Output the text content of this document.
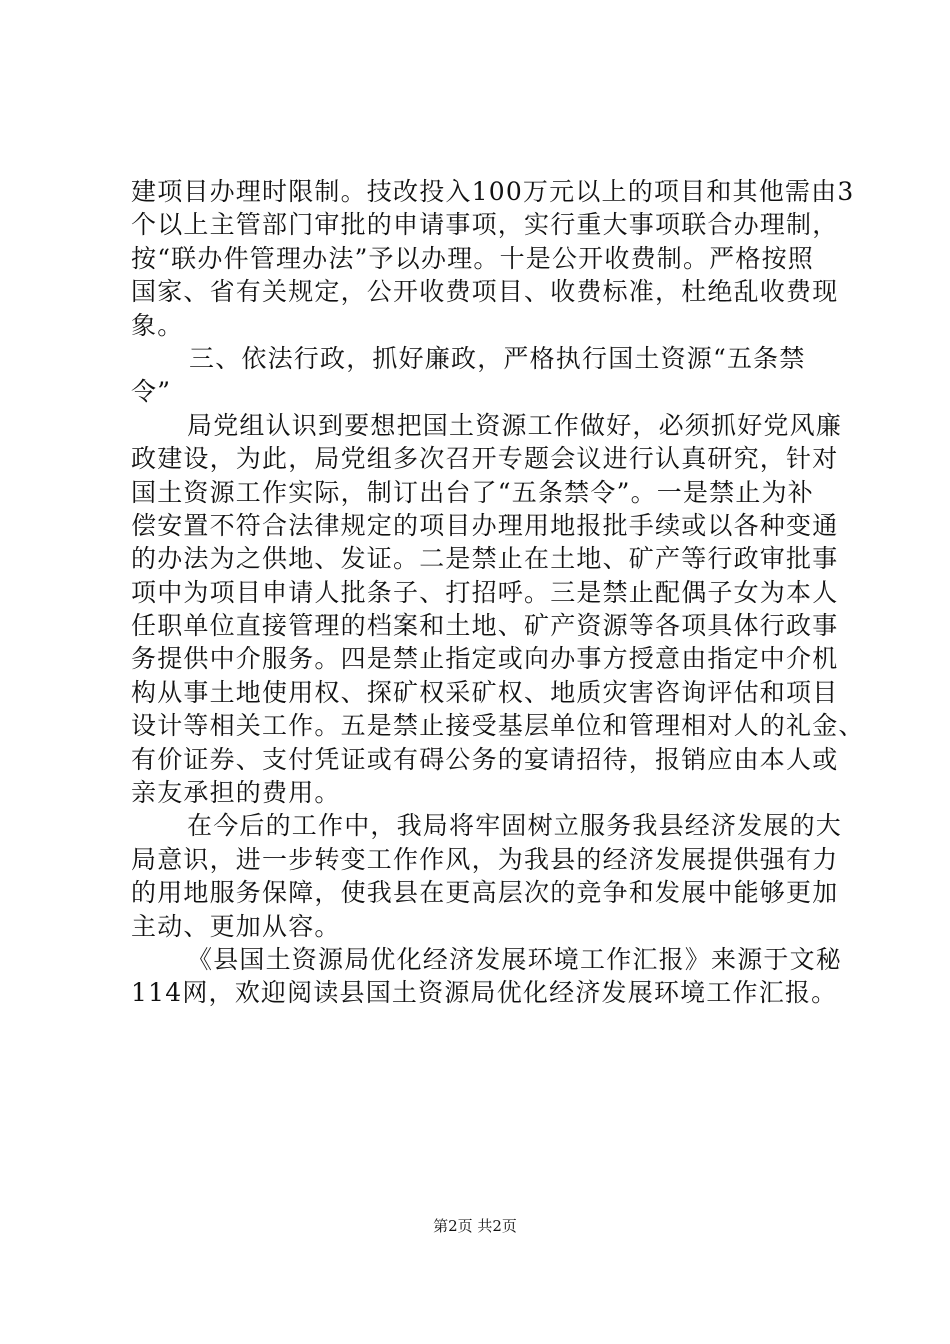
建项目办理时限制。技改投入100万元以上的项目和其他需由3
个以上主管部门审批的申请事项，实行重大事项联合办理制，
按“联办件管理办法”予以办理。十是公开收费制。严格按照
国家、省有关规定，公开收费项目、收费标准，杜绝乱收费现
象。
三、依法行政，抓好廉政，严格执行国土资源“五条禁
令”
局党组认识到要想把国土资源工作做好，必须抓好党风廉
政建设，为此，局党组多次召开专题会议进行认真研究，针对
国土资源工作实际，制订出台了“五条禁令”。一是禁止为补
偿安置不符合法律规定的项目办理用地报批手续或以各种变通
的办法为之供地、发证。二是禁止在土地、矿产等行政审批事
项中为项目申请人批条子、打招呼。三是禁止配偶子女为本人
任职单位直接管理的档案和土地、矿产资源等各项具体行政事
务提供中介服务。四是禁止指定或向办事方授意由指定中介机
构从事土地使用权、探矿权采矿权、地质灾害咨询评估和项目
设计等相关工作。五是禁止接受基层单位和管理相对人的礼金、
有价证券、支付凭证或有碍公务的宴请招待，报销应由本人或
亲友承担的费用。
在今后的工作中，我局将牢固树立服务我县经济发展的大
局意识，进一步转变工作作风，为我县的经济发展提供强有力
的用地服务保障，使我县在更高层次的竞争和发展中能够更加
主动、更加从容。
《县国土资源局优化经济发展环境工作汇报》来源于文秘
114网，欢迎阅读县国土资源局优化经济发展环境工作汇报。
第2页 共2页
